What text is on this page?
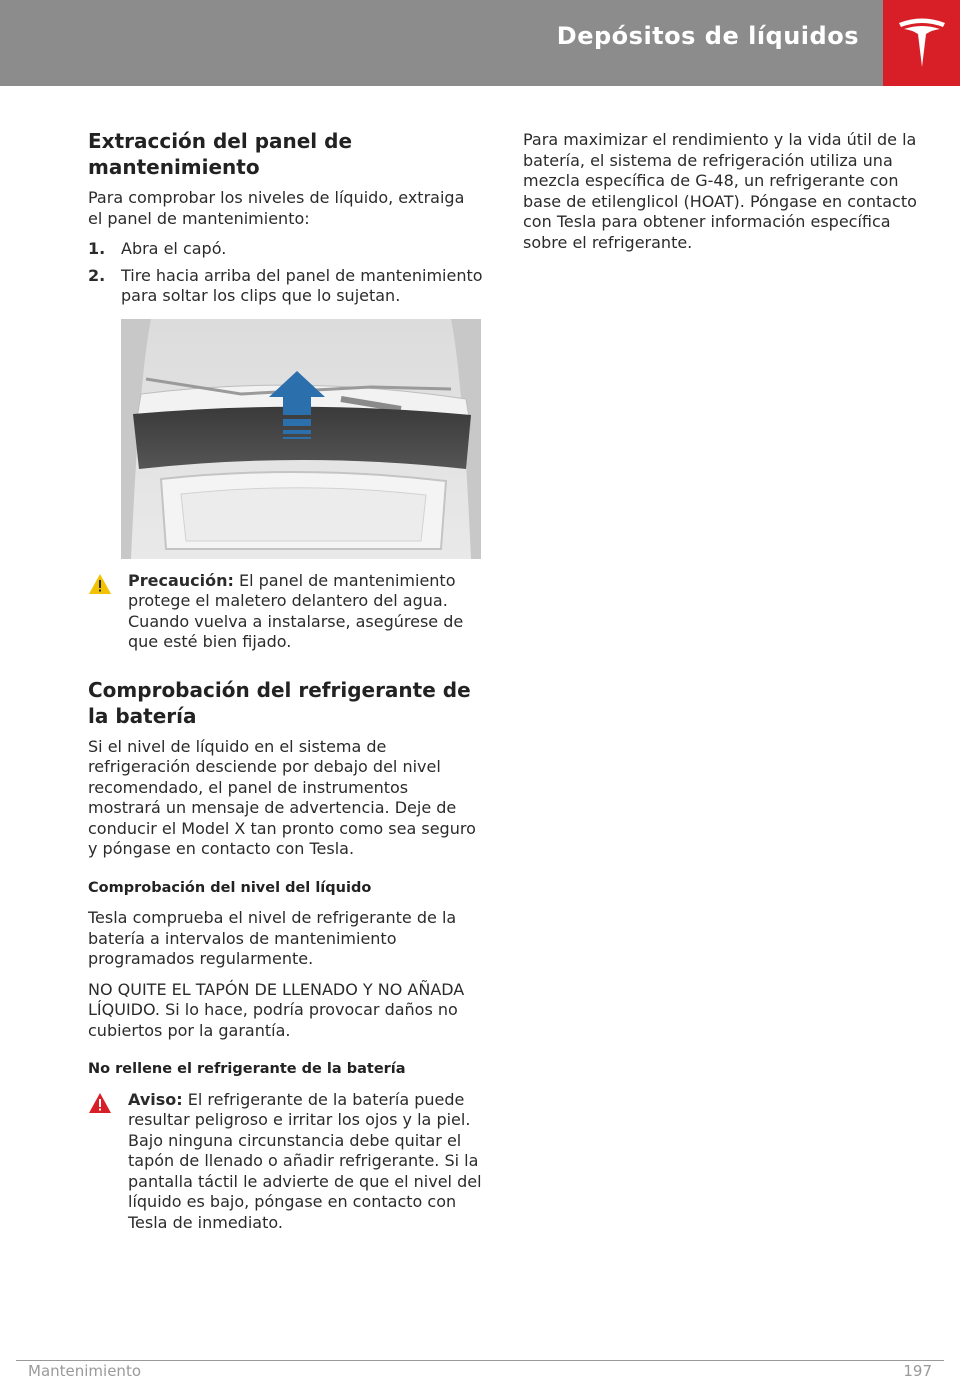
Depósitos de líquidos
Extracción del panel de mantenimiento

Para comprobar los niveles de líquido, extraiga el panel de mantenimiento:

1. Abra el capó.
2. Tire hacia arriba del panel de mantenimiento para soltar los clips que lo sujetan.
Precaución: El panel de mantenimiento protege el maletero delantero del agua. Cuando vuelva a instalarse, asegúrese de que esté bien fijado.
Comprobación del refrigerante de la batería

Si el nivel de líquido en el sistema de refrigeración desciende por debajo del nivel recomendado, el panel de instrumentos mostrará un mensaje de advertencia. Deje de conducir el Model X tan pronto como sea seguro y póngase en contacto con Tesla.

Comprobación del nivel del líquido

Tesla comprueba el nivel de refrigerante de la batería a intervalos de mantenimiento programados regularmente.

NO QUITE EL TAPÓN DE LLENADO Y NO AÑADA LÍQUIDO. Si lo hace, podría provocar daños no cubiertos por la garantía.

No rellene el refrigerante de la batería
Aviso: El refrigerante de la batería puede resultar peligroso e irritar los ojos y la piel. Bajo ninguna circunstancia debe quitar el tapón de llenado o añadir refrigerante. Si la pantalla táctil le advierte de que el nivel del líquido es bajo, póngase en contacto con Tesla de inmediato.

Para maximizar el rendimiento y la vida útil de la batería, el sistema de refrigeración utiliza una mezcla específica de G-48, un refrigerante con base de etilenglicol (HOAT). Póngase en contacto con Tesla para obtener información específica sobre el refrigerante.

Mantenimiento	197
